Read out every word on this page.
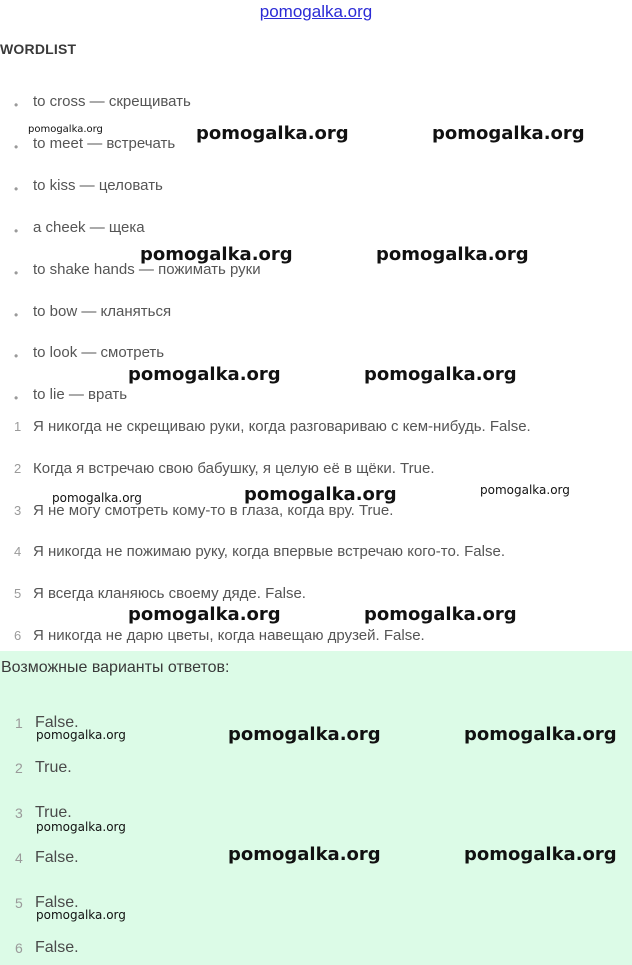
pomogalka.org
WORDLIST
• to cross — скрещивать
• to meet — встречать
• to kiss — целовать
• a cheek — щека
• to shake hands — пожимать руки
• to bow — кланяться
• to look — смотреть
• to lie — врать
1 Я никогда не скрещиваю руки, когда разговариваю с кем-нибудь. False.
2 Когда я встречаю свою бабушку, я целую её в щёки. True.
3 Я не могу смотреть кому-то в глаза, когда вру. True.
4 Я никогда не пожимаю руку, когда впервые встречаю кого-то. False.
5 Я всегда кланяюсь своему дяде. False.
6 Я никогда не дарю цветы, когда навещаю друзей. False.
Возможные варианты ответов:
1 False.
2 True.
3 True.
4 False.
5 False.
6 False.
pomogalka.org	pomogalka.org	pomogalka.org
pomogalka.org	pomogalka.org
pomogalka.org	pomogalka.org
pomogalka.org	pomogalka.org	pomogalka.org
pomogalka.org	pomogalka.org
pomogalka.org	pomogalka.org	pomogalka.org
pomogalka.org
pomogalka.org	pomogalka.org
pomogalka.org
